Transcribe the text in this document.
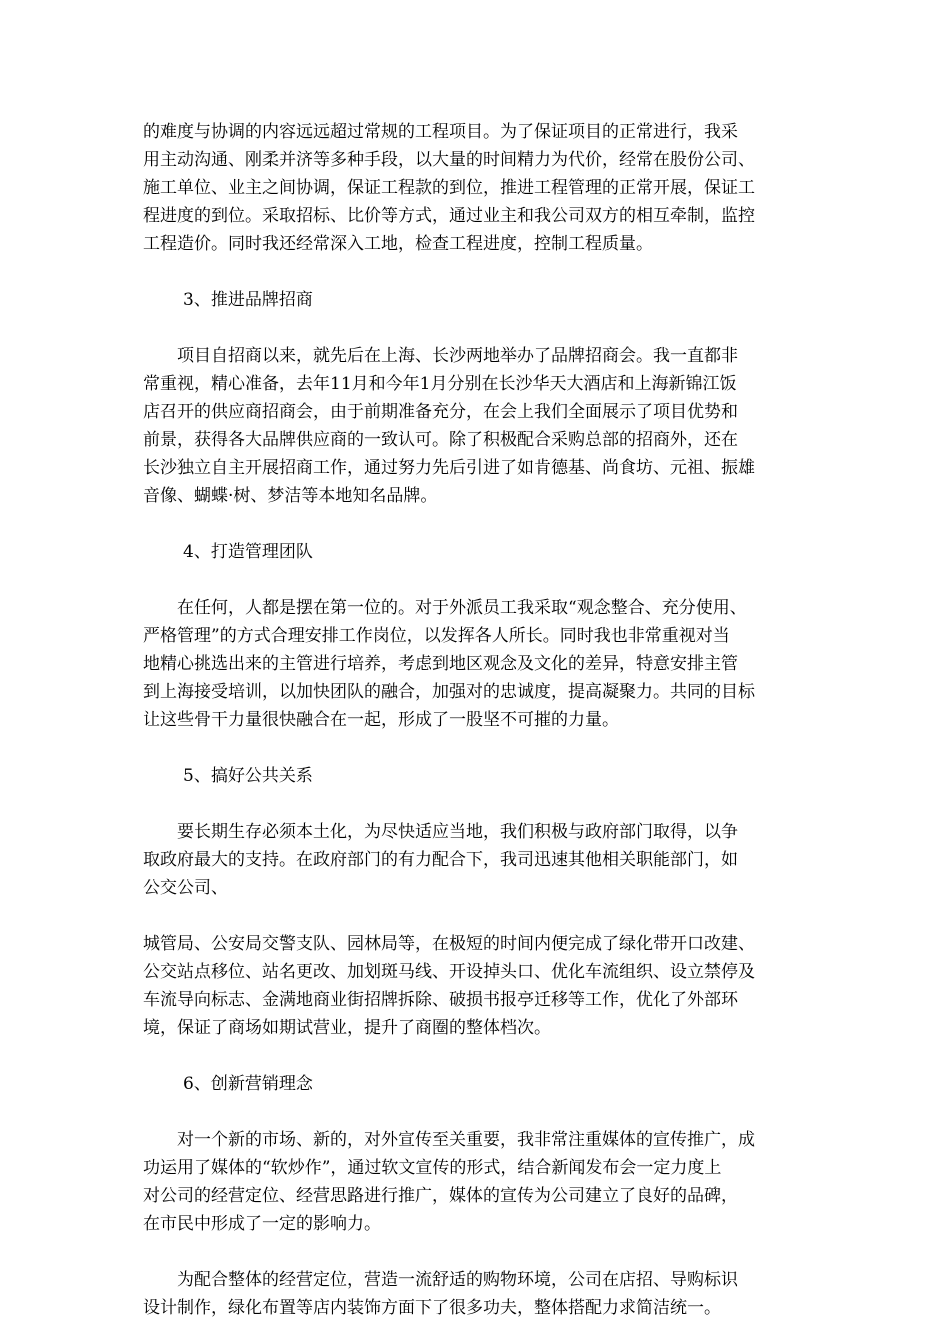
的难度与协调的内容远远超过常规的工程项目。为了保证项目的正常进行，我采
用主动沟通、刚柔并济等多种手段，以大量的时间精力为代价，经常在股份公司、
施工单位、业主之间协调，保证工程款的到位，推进工程管理的正常开展，保证工
程进度的到位。采取招标、比价等方式，通过业主和我公司双方的相互牵制，监控
工程造价。同时我还经常深入工地，检查工程进度，控制工程质量。

3、推进品牌招商

项目自招商以来，就先后在上海、长沙两地举办了品牌招商会。我一直都非
常重视，精心准备，去年11月和今年1月分别在长沙华天大酒店和上海新锦江饭
店召开的供应商招商会，由于前期准备充分，在会上我们全面展示了项目优势和
前景，获得各大品牌供应商的一致认可。除了积极配合采购总部的招商外，还在
长沙独立自主开展招商工作，通过努力先后引进了如肯德基、尚食坊、元祖、振雄
音像、蝴蝶·树、梦洁等本地知名品牌。

4、打造管理团队

在任何，人都是摆在第一位的。对于外派员工我采取“观念整合、充分使用、
严格管理”的方式合理安排工作岗位，以发挥各人所长。同时我也非常重视对当
地精心挑选出来的主管进行培养，考虑到地区观念及文化的差异，特意安排主管
到上海接受培训，以加快团队的融合，加强对的忠诚度，提高凝聚力。共同的目标
让这些骨干力量很快融合在一起，形成了一股坚不可摧的力量。

5、搞好公共关系

要长期生存必须本土化，为尽快适应当地，我们积极与政府部门取得，以争
取政府最大的支持。在政府部门的有力配合下，我司迅速其他相关职能部门，如
公交公司、

城管局、公安局交警支队、园林局等，在极短的时间内便完成了绿化带开口改建、
公交站点移位、站名更改、加划斑马线、开设掉头口、优化车流组织、设立禁停及
车流导向标志、金满地商业街招牌拆除、破损书报亭迁移等工作，优化了外部环
境，保证了商场如期试营业，提升了商圈的整体档次。

6、创新营销理念

对一个新的市场、新的，对外宣传至关重要，我非常注重媒体的宣传推广，成
功运用了媒体的“软炒作”，通过软文宣传的形式，结合新闻发布会一定力度上
对公司的经营定位、经营思路进行推广，媒体的宣传为公司建立了良好的品碑，
在市民中形成了一定的影响力。

为配合整体的经营定位，营造一流舒适的购物环境，公司在店招、导购标识
设计制作，绿化布置等店内装饰方面下了很多功夫，整体搭配力求简洁统一。
